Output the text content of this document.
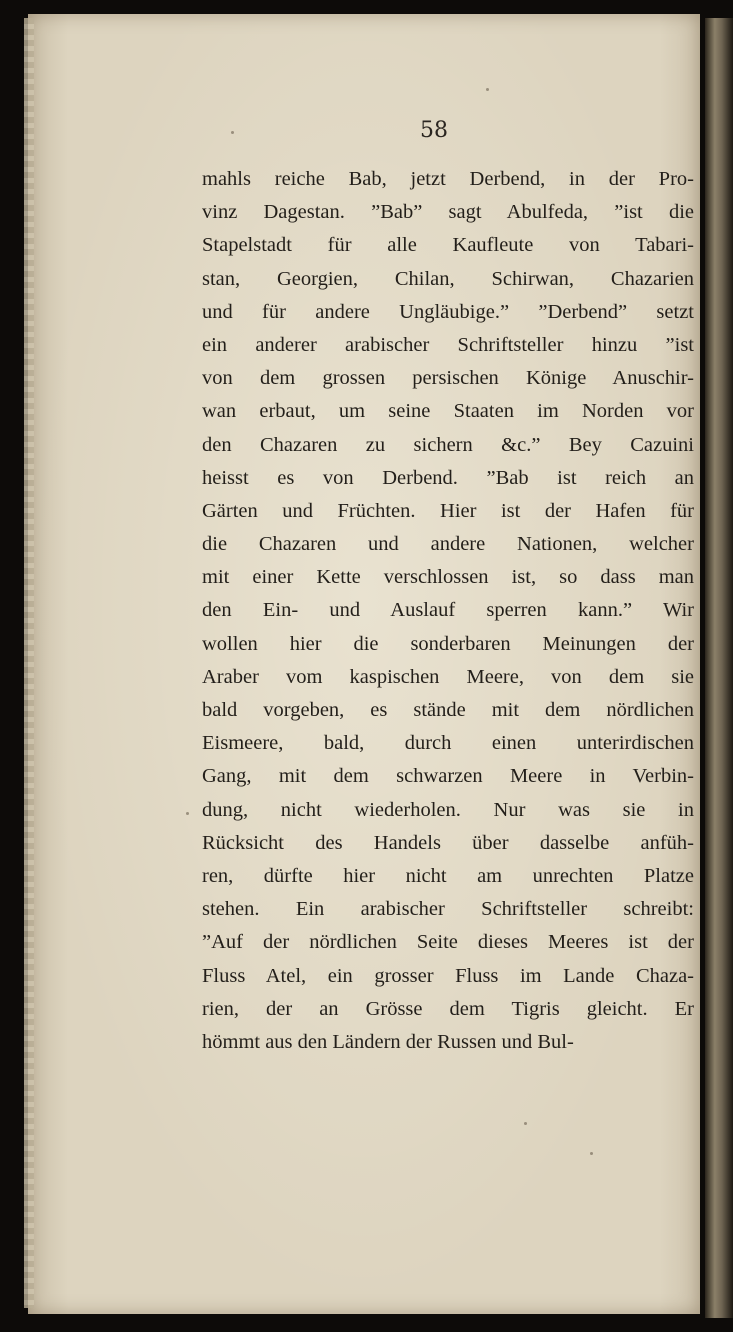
58
mahls reiche Bab, jetzt Derbend, in der Pro-
vinz Dagestan. ”Bab” sagt Abulfeda, ”ist die
Stapelstadt für alle Kaufleute von Tabari-
stan, Georgien, Chilan, Schirwan, Chazarien
und für andere Ungläubige.” ”Derbend” setzt
ein anderer arabischer Schriftsteller hinzu ”ist
von dem grossen persischen Könige Anuschir-
wan erbaut, um seine Staaten im Norden vor
den Chazaren zu sichern &c.” Bey Cazuini
heisst es von Derbend. ”Bab ist reich an
Gärten und Früchten. Hier ist der Hafen für
die Chazaren und andere Nationen, welcher
mit einer Kette verschlossen ist, so dass man
den Ein- und Auslauf sperren kann.” Wir
wollen hier die sonderbaren Meinungen der
Araber vom kaspischen Meere, von dem sie
bald vorgeben, es stände mit dem nördlichen
Eismeere, bald, durch einen unterirdischen
Gang, mit dem schwarzen Meere in Verbin-
dung, nicht wiederholen. Nur was sie in
Rücksicht des Handels über dasselbe anfüh-
ren, dürfte hier nicht am unrechten Platze
stehen. Ein arabischer Schriftsteller schreibt:
”Auf der nördlichen Seite dieses Meeres ist der
Fluss Atel, ein grosser Fluss im Lande Chaza-
rien, der an Grösse dem Tigris gleicht. Er
hömmt aus den Ländern der Russen und Bul-
